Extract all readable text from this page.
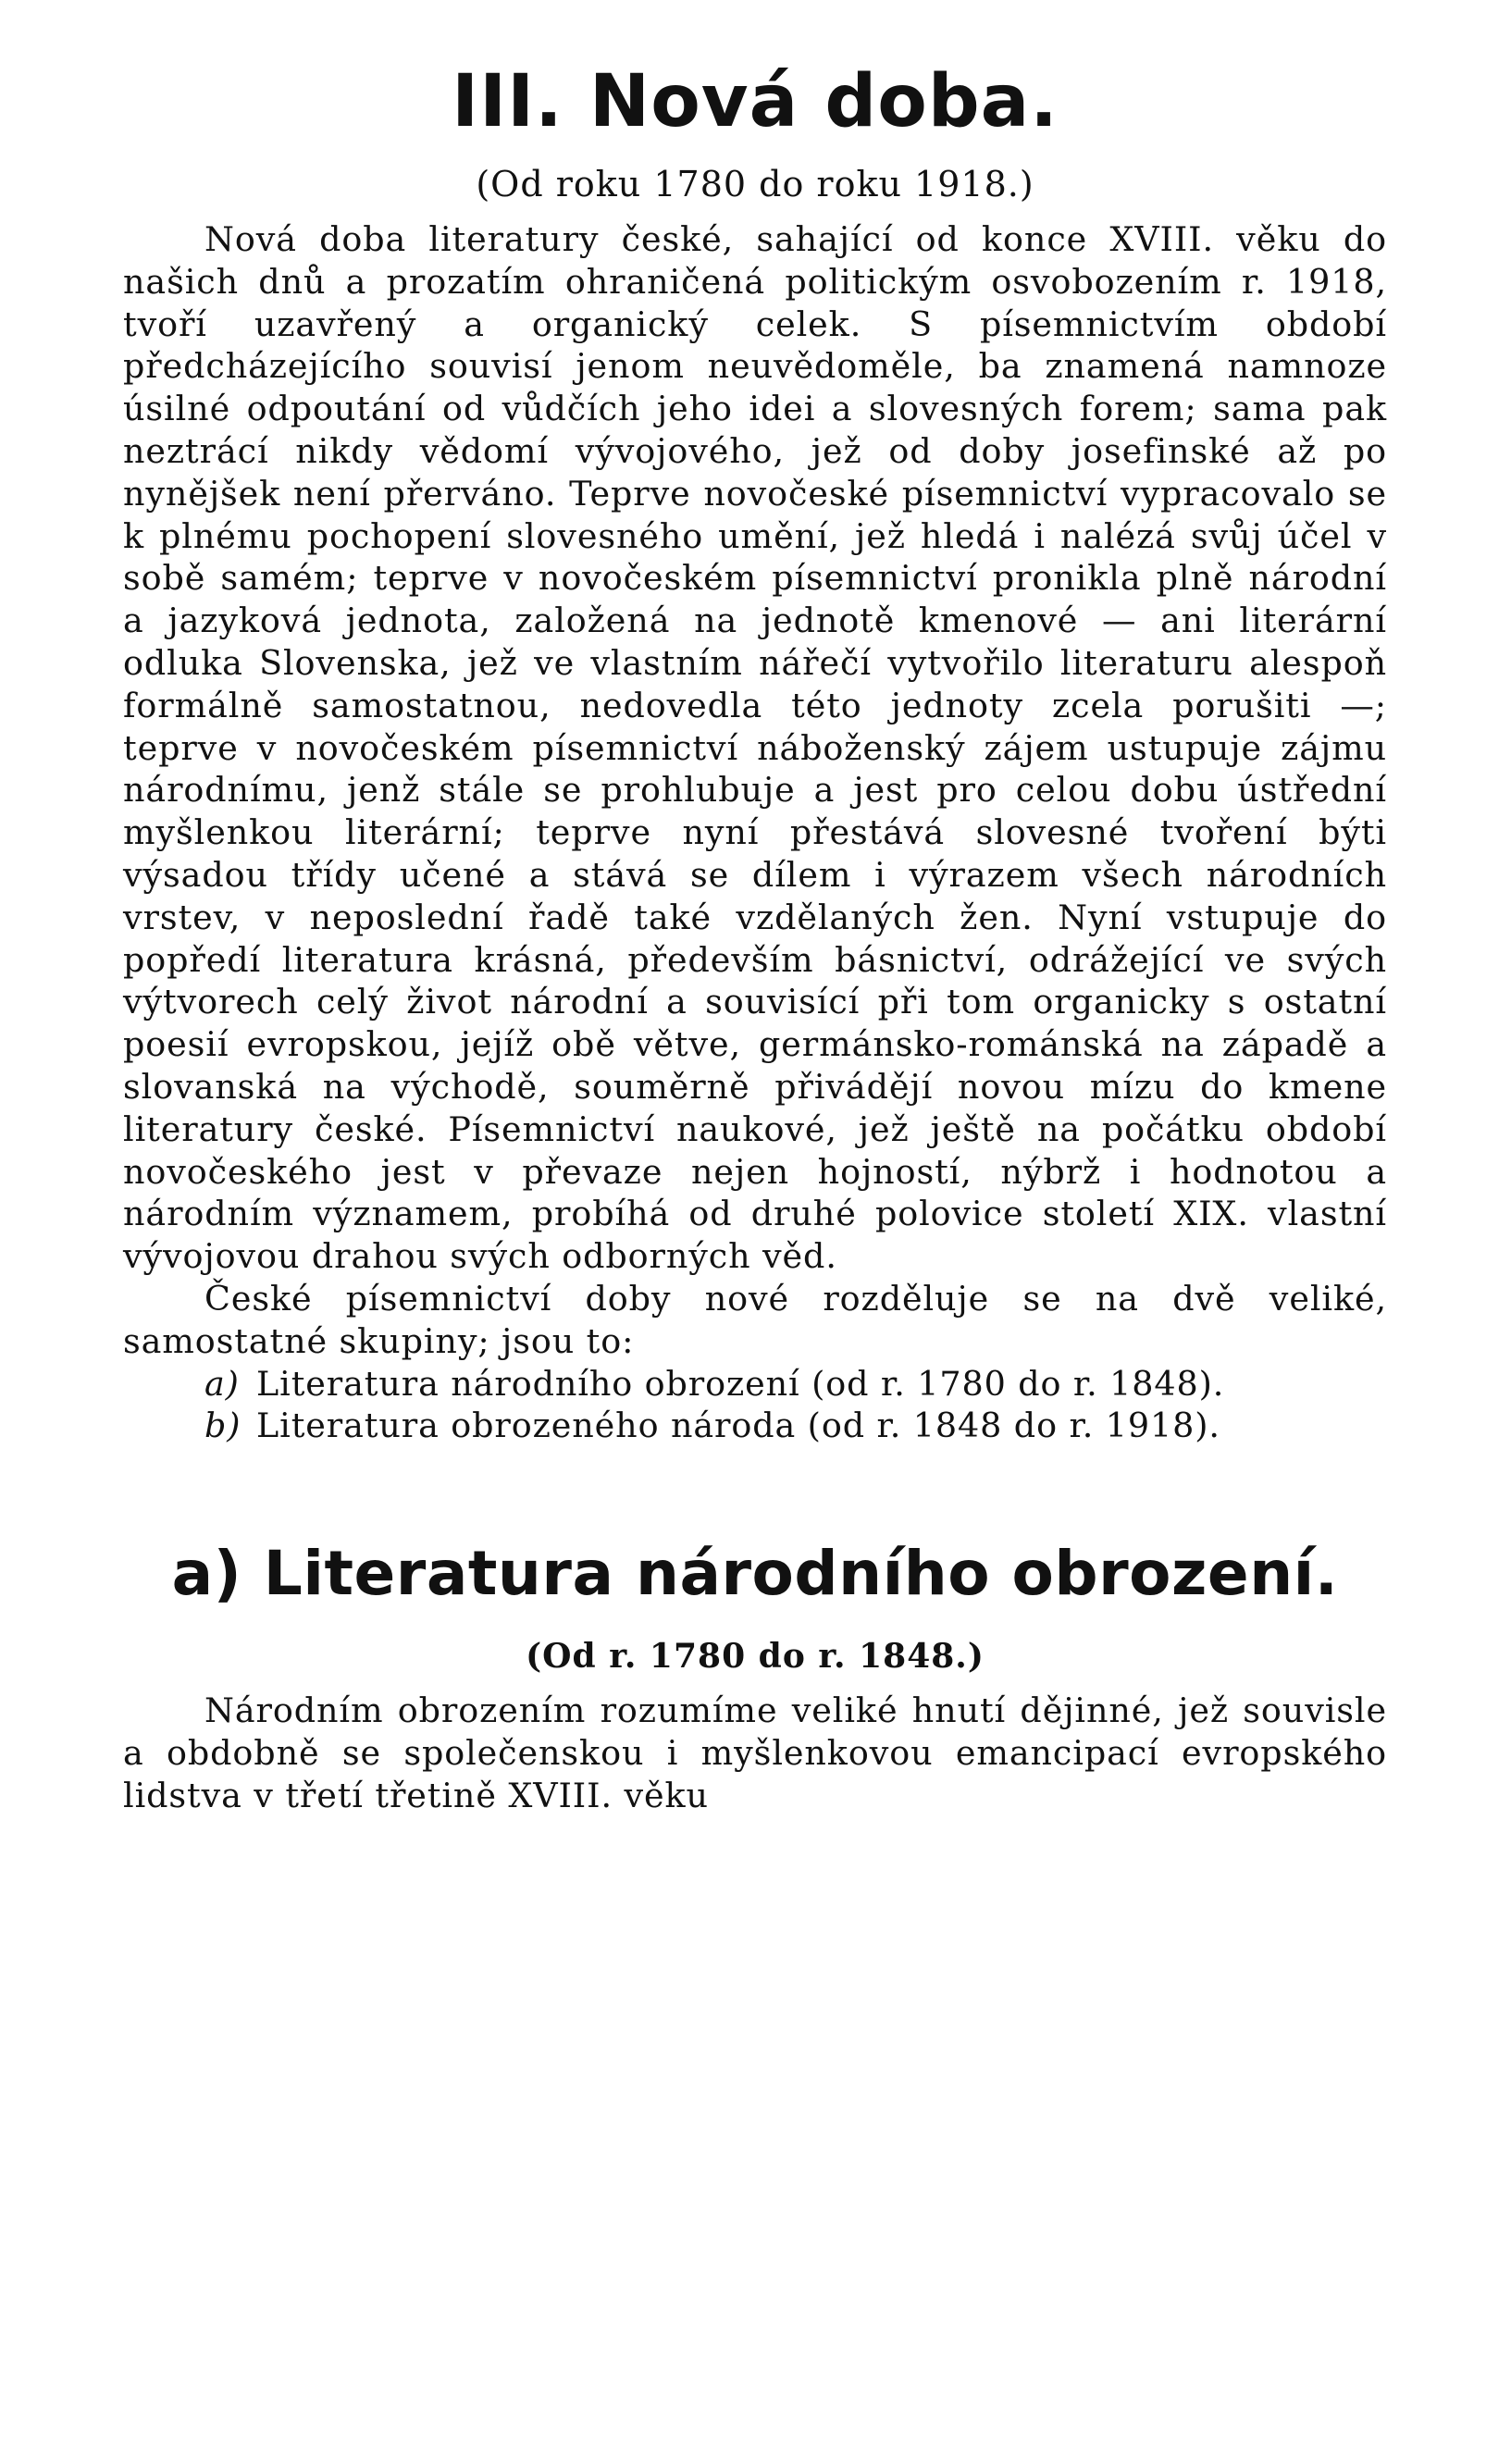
III. Nová doba.
(Od roku 1780 do roku 1918.)

Nová doba literatury české, sahající od konce XVIII. věku do našich dnů a prozatím ohraničená politickým osvobozením r. 1918, tvoří uzavřený a organický celek. S písemnictvím období předcházejícího souvisí jenom neuvědoměle, ba znamená namnoze úsilné odpoutání od vůdčích jeho idei a slovesných forem; sama pak neztrácí nikdy vědomí vývojového, jež od doby josefinské až po nynějšek není přerváno. Teprve novočeské písemnictví vypracovalo se k plnému pochopení slovesného umění, jež hledá i nalézá svůj účel v sobě samém; teprve v novočeském písemnictví pronikla plně národní a jazyková jednota, založená na jednotě kmenové — ani literární odluka Slovenska, jež ve vlastním nářečí vytvořilo literaturu alespoň formálně samostatnou, nedovedla této jednoty zcela porušiti —; teprve v novočeském písemnictví náboženský zájem ustupuje zájmu národnímu, jenž stále se prohlubuje a jest pro celou dobu ústřední myšlenkou literární; teprve nyní přestává slovesné tvoření býti výsadou třídy učené a stává se dílem i výrazem všech národních vrstev, v neposlední řadě také vzdělaných žen. Nyní vstupuje do popředí literatura krásná, především básnictví, odrážející ve svých výtvorech celý život národní a souvisící při tom organicky s ostatní poesií evropskou, jejíž obě větve, germánsko-románská na západě a slovanská na východě, souměrně přivádějí novou mízu do kmene literatury české. Písemnictví naukové, jež ještě na počátku období novočeského jest v převaze nejen hojností, nýbrž i hodnotou a národním významem, probíhá od druhé polovice století XIX. vlastní vývojovou drahou svých odborných věd.

České písemnictví doby nové rozděluje se na dvě veliké, samostatné skupiny; jsou to:

a) Literatura národního obrození (od r. 1780 do r. 1848).
b) Literatura obrozeného národa (od r. 1848 do r. 1918).
a) Literatura národního obrození.
(Od r. 1780 do r. 1848.)

Národním obrozením rozumíme veliké hnutí dějinné, jež souvisle a obdobně se společenskou i myšlenkovou emancipací evropského lidstva v třetí třetině XVIII. věku
